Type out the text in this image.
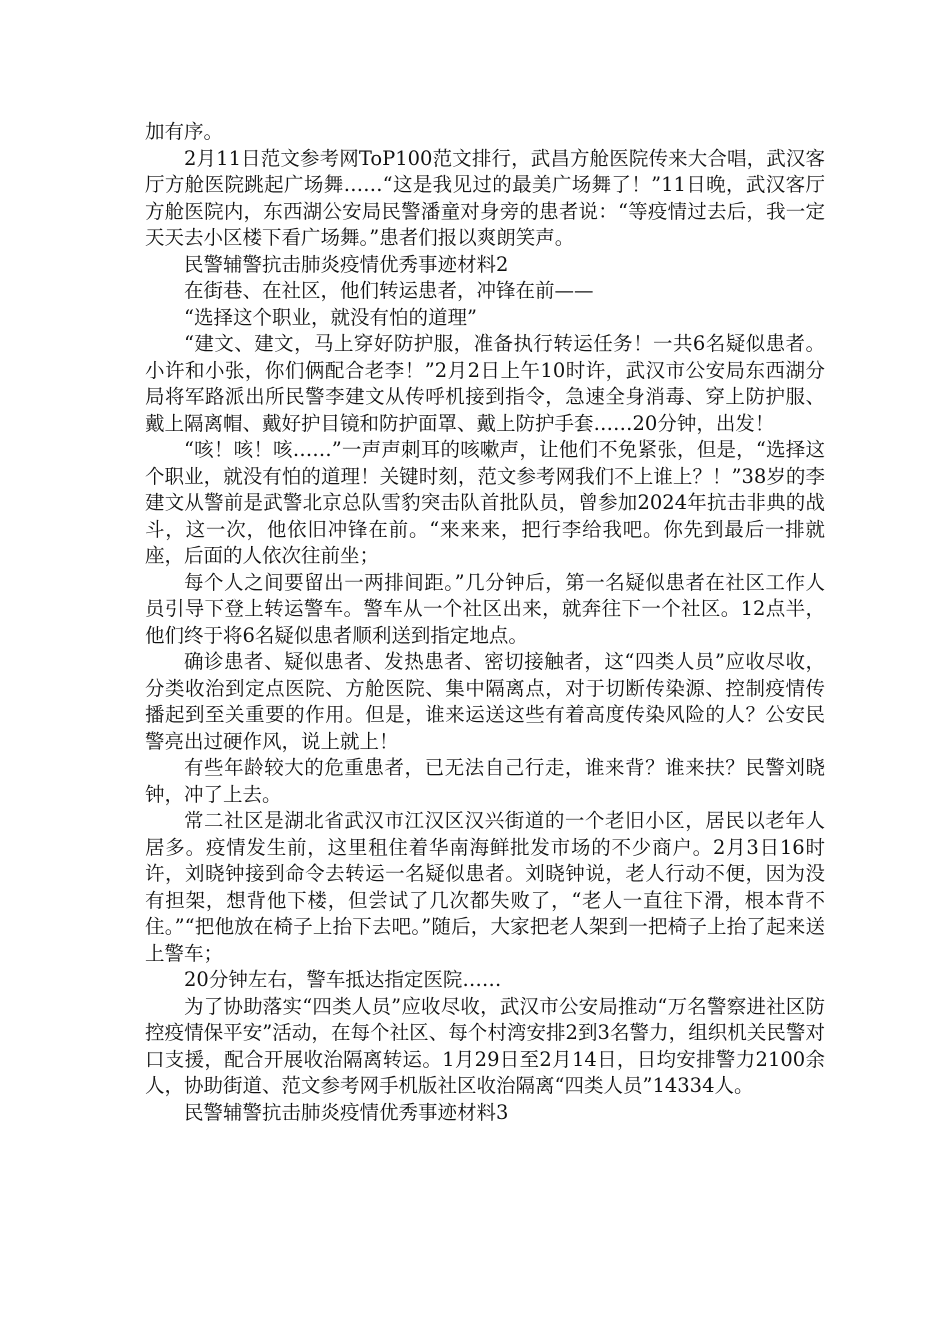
加有序。

2月11日范文参考网ToP100范文排行，武昌方舱医院传来大合唱，武汉客厅方舱医院跳起广场舞……“这是我见过的最美广场舞了！”11日晚，武汉客厅方舱医院内，东西湖公安局民警潘童对身旁的患者说：“等疫情过去后，我一定天天去小区楼下看广场舞。”患者们报以爽朗笑声。

民警辅警抗击肺炎疫情优秀事迹材料2

在街巷、在社区，他们转运患者，冲锋在前——

“选择这个职业，就没有怕的道理”

“建文、建文，马上穿好防护服，准备执行转运任务！一共6名疑似患者。小许和小张，你们俩配合老李！”2月2日上午10时许，武汉市公安局东西湖分局将军路派出所民警李建文从传呼机接到指令，急速全身消毒、穿上防护服、戴上隔离帽、戴好护目镜和防护面罩、戴上防护手套……20分钟，出发！

“咳！咳！咳……”一声声刺耳的咳嗽声，让他们不免紧张，但是，“选择这个职业，就没有怕的道理！关键时刻，范文参考网我们不上谁上？！”38岁的李建文从警前是武警北京总队雪豹突击队首批队员，曾参加2024年抗击非典的战斗，这一次，他依旧冲锋在前。“来来来，把行李给我吧。你先到最后一排就座，后面的人依次往前坐；

每个人之间要留出一两排间距。”几分钟后，第一名疑似患者在社区工作人员引导下登上转运警车。警车从一个社区出来，就奔往下一个社区。12点半，他们终于将6名疑似患者顺利送到指定地点。

确诊患者、疑似患者、发热患者、密切接触者，这“四类人员”应收尽收，分类收治到定点医院、方舱医院、集中隔离点，对于切断传染源、控制疫情传播起到至关重要的作用。但是，谁来运送这些有着高度传染风险的人？公安民警亮出过硬作风，说上就上！

有些年龄较大的危重患者，已无法自己行走，谁来背？谁来扶？民警刘晓钟，冲了上去。

常二社区是湖北省武汉市江汉区汉兴街道的一个老旧小区，居民以老年人居多。疫情发生前，这里租住着华南海鲜批发市场的不少商户。2月3日16时许，刘晓钟接到命令去转运一名疑似患者。刘晓钟说，老人行动不便，因为没有担架，想背他下楼，但尝试了几次都失败了，“老人一直往下滑，根本背不住。”“把他放在椅子上抬下去吧。”随后，大家把老人架到一把椅子上抬了起来送上警车；

20分钟左右，警车抵达指定医院……

为了协助落实“四类人员”应收尽收，武汉市公安局推动“万名警察进社区防控疫情保平安”活动，在每个社区、每个村湾安排2到3名警力，组织机关民警对口支援，配合开展收治隔离转运。1月29日至2月14日，日均安排警力2100余人，协助街道、范文参考网手机版社区收治隔离“四类人员”14334人。

民警辅警抗击肺炎疫情优秀事迹材料3
